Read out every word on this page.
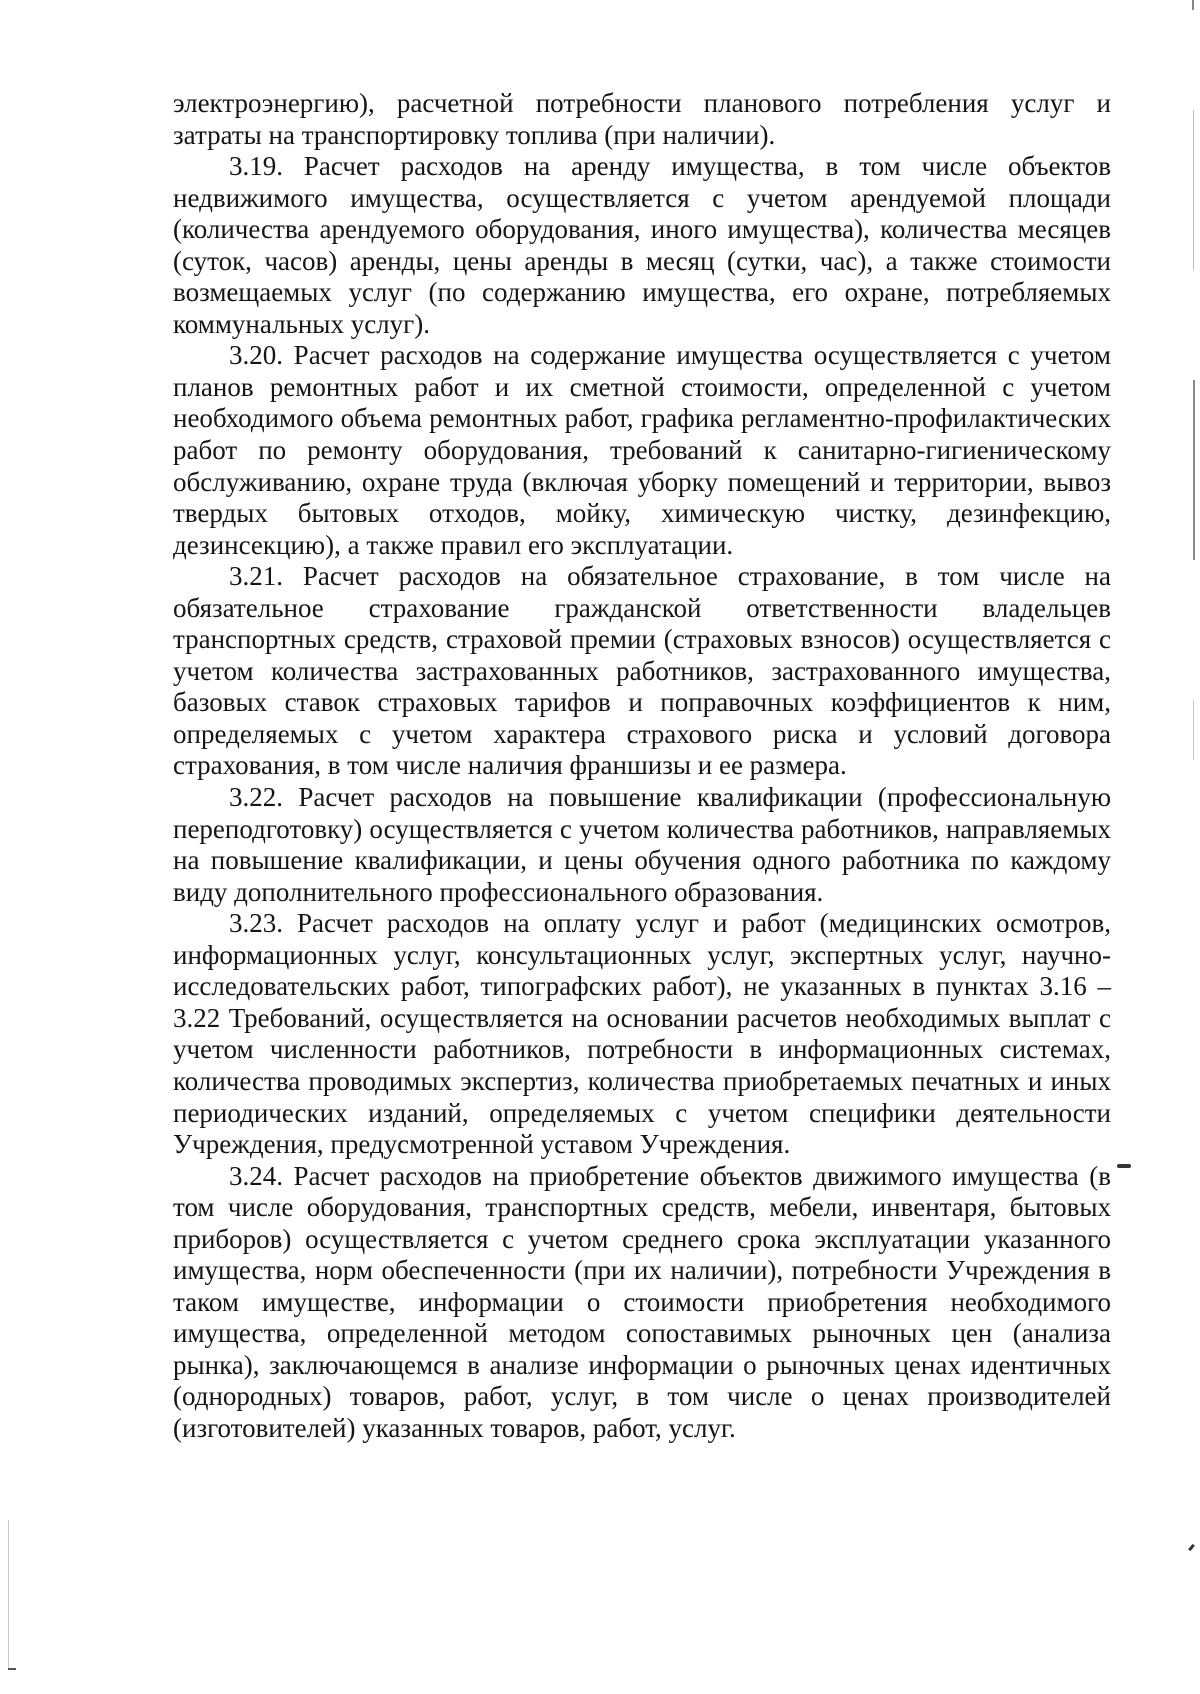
электроэнергию), расчетной потребности планового потребления услуг и затраты на транспортировку топлива (при наличии).

3.19. Расчет расходов на аренду имущества, в том числе объектов недвижимого имущества, осуществляется с учетом арендуемой площади (количества арендуемого оборудования, иного имущества), количества месяцев (суток, часов) аренды, цены аренды в месяц (сутки, час), а также стоимости возмещаемых услуг (по содержанию имущества, его охране, потребляемых коммунальных услуг).

3.20. Расчет расходов на содержание имущества осуществляется с учетом планов ремонтных работ и их сметной стоимости, определенной с учетом необходимого объема ремонтных работ, графика регламентно-профилактических работ по ремонту оборудования, требований к санитарно-гигиеническому обслуживанию, охране труда (включая уборку помещений и территории, вывоз твердых бытовых отходов, мойку, химическую чистку, дезинфекцию, дезинсекцию), а также правил его эксплуатации.

3.21. Расчет расходов на обязательное страхование, в том числе на обязательное страхование гражданской ответственности владельцев транспортных средств, страховой премии (страховых взносов) осуществляется с учетом количества застрахованных работников, застрахованного имущества, базовых ставок страховых тарифов и поправочных коэффициентов к ним, определяемых с учетом характера страхового риска и условий договора страхования, в том числе наличия франшизы и ее размера.

3.22. Расчет расходов на повышение квалификации (профессиональную переподготовку) осуществляется с учетом количества работников, направляемых на повышение квалификации, и цены обучения одного работника по каждому виду дополнительного профессионального образования.

3.23. Расчет расходов на оплату услуг и работ (медицинских осмотров, информационных услуг, консультационных услуг, экспертных услуг, научно-исследовательских работ, типографских работ), не указанных в пунктах 3.16 – 3.22 Требований, осуществляется на основании расчетов необходимых выплат с учетом численности работников, потребности в информационных системах, количества проводимых экспертиз, количества приобретаемых печатных и иных периодических изданий, определяемых с учетом специфики деятельности Учреждения, предусмотренной уставом Учреждения.

3.24. Расчет расходов на приобретение объектов движимого имущества (в том числе оборудования, транспортных средств, мебели, инвентаря, бытовых приборов) осуществляется с учетом среднего срока эксплуатации указанного имущества, норм обеспеченности (при их наличии), потребности Учреждения в таком имуществе, информации о стоимости приобретения необходимого имущества, определенной методом сопоставимых рыночных цен (анализа рынка), заключающемся в анализе информации о рыночных ценах идентичных (однородных) товаров, работ, услуг, в том числе о ценах производителей (изготовителей) указанных товаров, работ, услуг.
